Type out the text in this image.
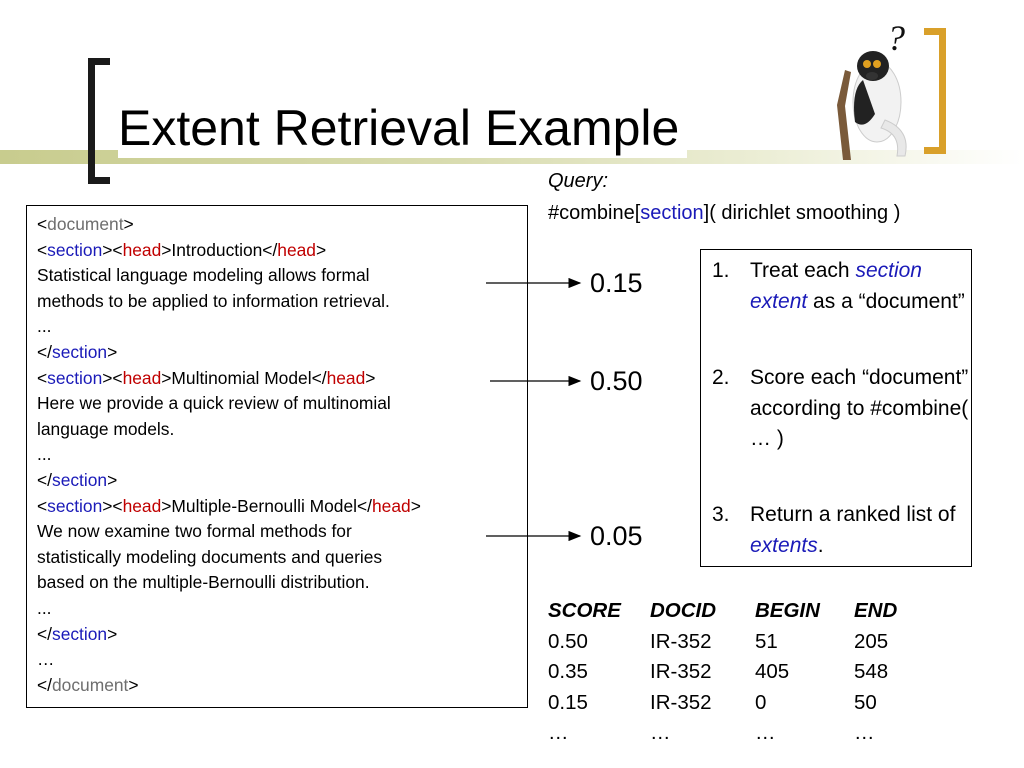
Extent Retrieval Example
?
<document>
<section><head>Introduction</head>
Statistical language modeling allows formal
methods to be applied to information retrieval.
...
</section>
<section><head>Multinomial Model</head>
Here we provide a quick review of multinomial
language models.
...
</section>
<section><head>Multiple-Bernoulli Model</head>
We now examine two formal methods for
statistically modeling documents and queries
based on the multiple-Bernoulli distribution.
...
</section>
…
</document>
0.15
0.50
0.05
Query:
#combine[section]( dirichlet smoothing )
1. Treat each section extent as a “document”
2. Score each “document” according to #combine( … )
3. Return a ranked list of extents.
SCORE DOCID BEGIN END
0.50	IR-352 51	205
0.35	IR-352 405	548
0.15	IR-352 0	50
…	…	…	…
